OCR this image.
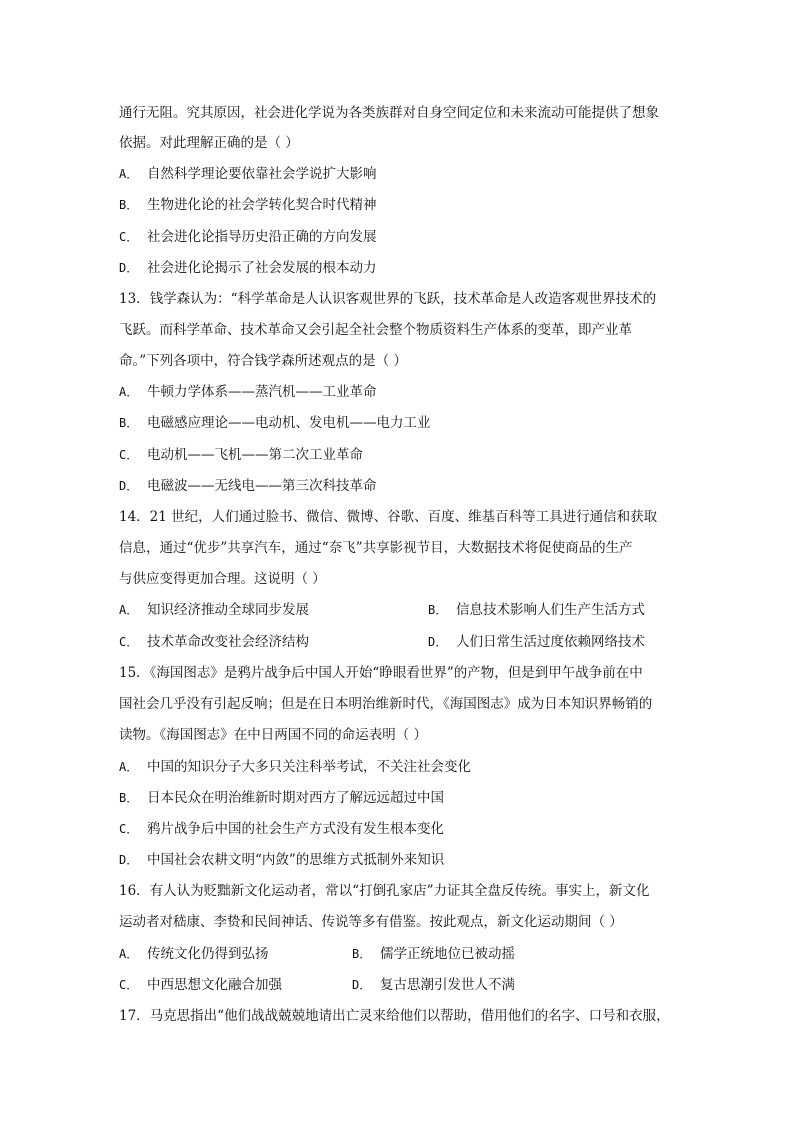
通行无阻。究其原因，社会进化学说为各类族群对自身空间定位和未来流动可能提供了想象
依据。对此理解正确的是（ ）
A． 自然科学理论要依靠社会学说扩大影响
B． 生物进化论的社会学转化契合时代精神
C． 社会进化论指导历史沿正确的方向发展
D． 社会进化论揭示了社会发展的根本动力
13．钱学森认为：“科学革命是人认识客观世界的飞跃，技术革命是人改造客观世界技术的
飞跃。而科学革命、技术革命又会引起全社会整个物质资料生产体系的变革，即产业革
命。”下列各项中，符合钱学森所述观点的是（ ）
A． 牛顿力学体系——蒸汽机——工业革命
B． 电磁感应理论——电动机、发电机——电力工业
C． 电动机——飞机——第二次工业革命
D． 电磁波——无线电——第三次科技革命
14．21 世纪，人们通过脸书、微信、微博、谷歌、百度、维基百科等工具进行通信和获取
信息，通过“优步”共享汽车，通过“奈飞”共享影视节目，大数据技术将促使商品的生产
与供应变得更加合理。这说明（ ）
A． 知识经济推动全球同步发展	B． 信息技术影响人们生产生活方式
C． 技术革命改变社会经济结构	D． 人们日常生活过度依赖网络技术
15．《海国图志》是鸦片战争后中国人开始“睁眼看世界”的产物，但是到甲午战争前在中
国社会几乎没有引起反响；但是在日本明治维新时代，《海国图志》成为日本知识界畅销的
读物。《海国图志》在中日两国不同的命运表明（ ）
A． 中国的知识分子大多只关注科举考试，不关注社会变化
B． 日本民众在明治维新时期对西方了解远远超过中国
C． 鸦片战争后中国的社会生产方式没有发生根本变化
D． 中国社会农耕文明“内敛”的思维方式抵制外来知识
16．有人认为贬黜新文化运动者，常以“打倒孔家店”力证其全盘反传统。事实上，新文化
运动者对嵇康、李贽和民间神话、传说等多有借鉴。按此观点，新文化运动期间（ ）
A． 传统文化仍得到弘扬	B． 儒学正统地位已被动摇
C． 中西思想文化融合加强	D． 复古思潮引发世人不满
17．马克思指出“他们战战兢兢地请出亡灵来给他们以帮助，借用他们的名字、口号和衣服，
